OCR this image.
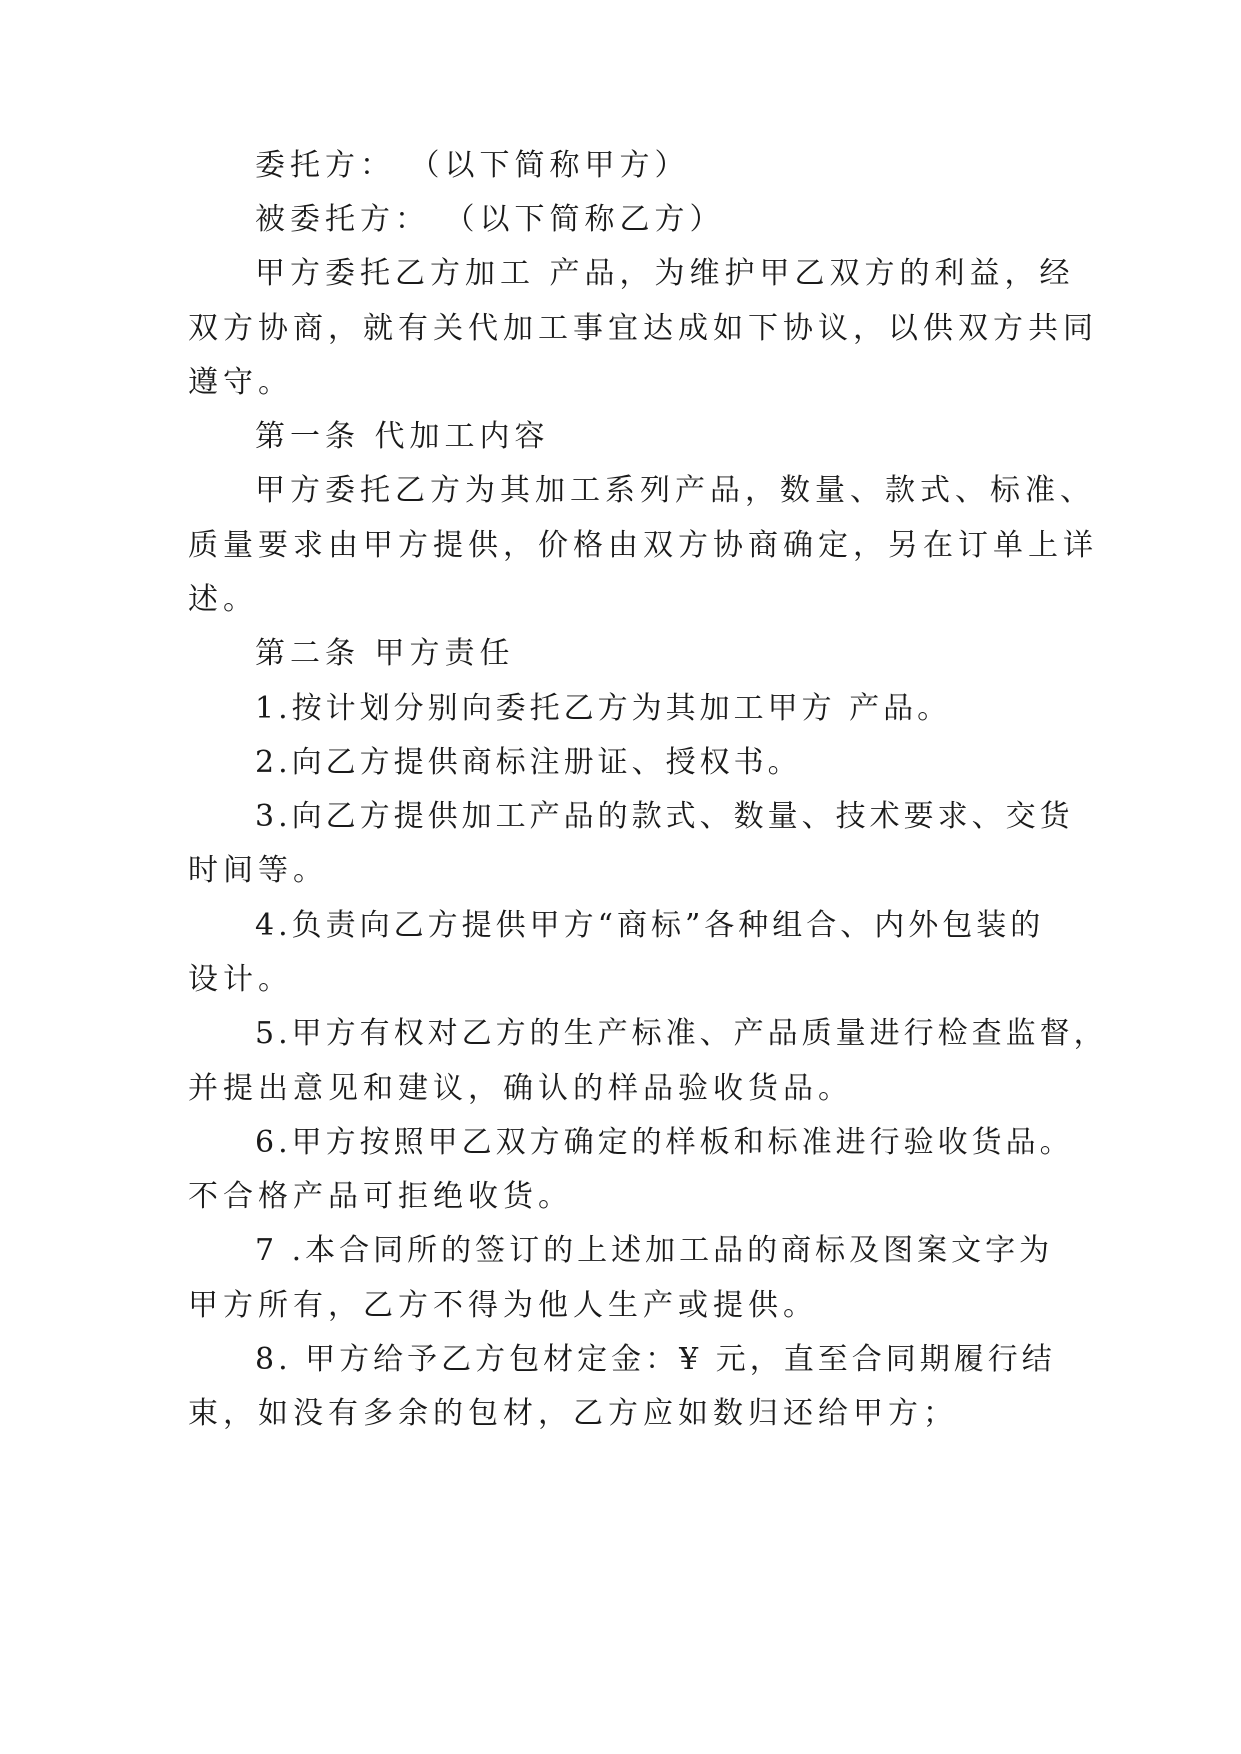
委托方： （以下简称甲方）
被委托方： （以下简称乙方）
甲方委托乙方加工 产品，为维护甲乙双方的利益，经
双方协商，就有关代加工事宜达成如下协议，以供双方共同
遵守。
第一条 代加工内容
甲方委托乙方为其加工系列产品，数量、款式、标准、
质量要求由甲方提供，价格由双方协商确定，另在订单上详
述。
第二条 甲方责任
1.按计划分别向委托乙方为其加工甲方 产品。
2.向乙方提供商标注册证、授权书。
3.向乙方提供加工产品的款式、数量、技术要求、交货
时间等。
4.负责向乙方提供甲方“商标”各种组合、内外包装的
设计。
5.甲方有权对乙方的生产标准、产品质量进行检查监督，
并提出意见和建议，确认的样品验收货品。
6.甲方按照甲乙双方确定的样板和标准进行验收货品。
不合格产品可拒绝收货。
7 .本合同所的签订的上述加工品的商标及图案文字为
甲方所有，乙方不得为他人生产或提供。
8. 甲方给予乙方包材定金：¥ 元，直至合同期履行结
束，如没有多余的包材，乙方应如数归还给甲方；
